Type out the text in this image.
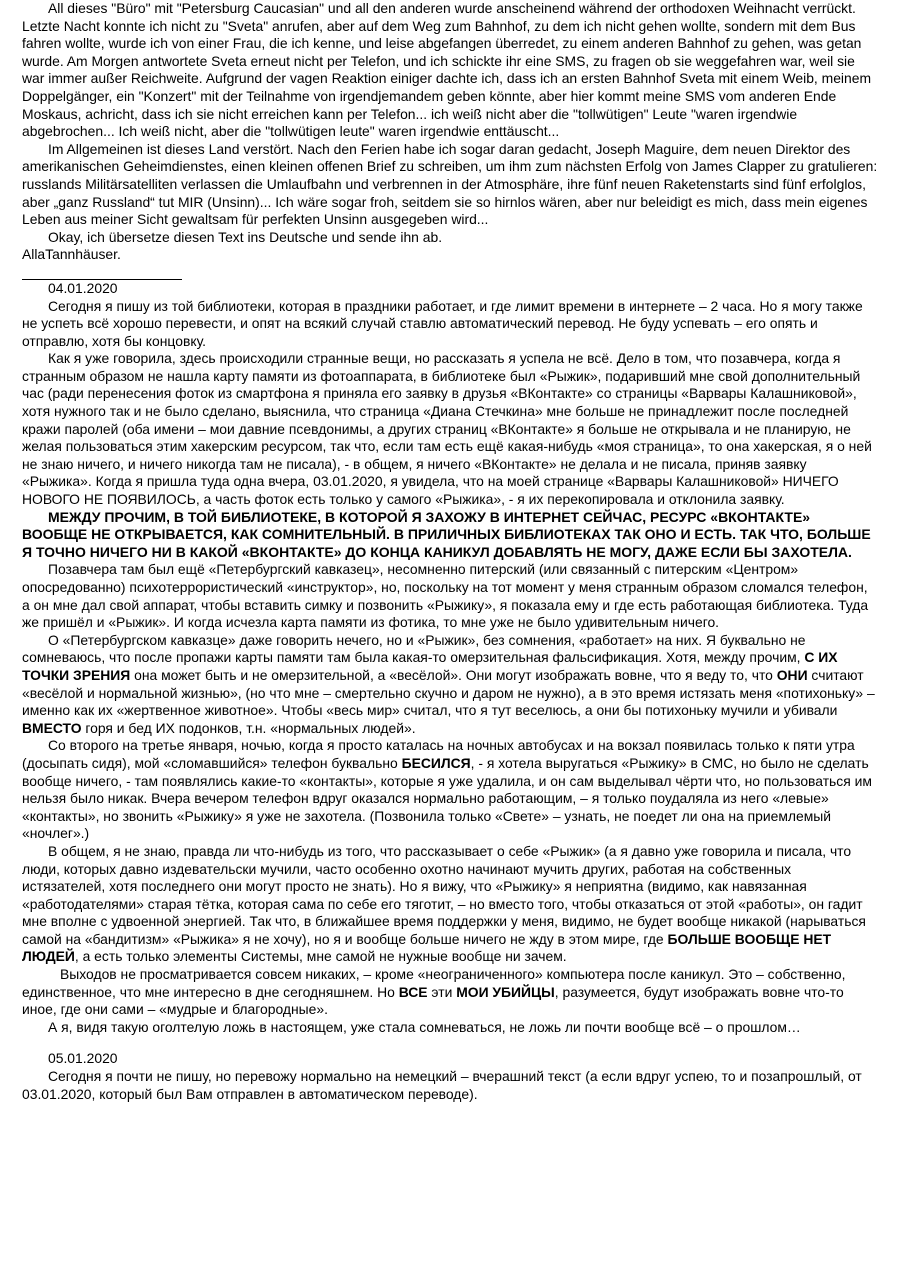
All dieses "Büro" mit "Petersburg Caucasian" und all den anderen wurde anscheinend während der orthodoxen Weihnacht verrückt. Letzte Nacht konnte ich nicht zu "Sveta" anrufen, aber auf dem Weg zum Bahnhof, zu dem ich nicht gehen wollte, sondern mit dem Bus fahren wollte, wurde ich von einer Frau, die ich kenne, und leise abgefangen überredet, zu einem anderen Bahnhof zu gehen, was getan wurde. Am Morgen antwortete Sveta erneut nicht per Telefon, und ich schickte ihr eine SMS, zu fragen ob sie weggefahren war, weil sie war immer außer Reichweite. Aufgrund der vagen Reaktion einiger dachte ich, dass ich an ersten Bahnhof Sveta mit einem Weib, meinem Doppelgänger, ein "Konzert" mit der Teilnahme von irgendjemandem geben könnte, aber hier kommt meine SMS vom anderen Ende Moskaus, achricht, dass ich sie nicht erreichen kann per Telefon... ich weiß nicht aber die "tollwütigen" Leute "waren irgendwie abgebrochen... Ich weiß nicht, aber die "tollwütigen leute" waren irgendwie enttäuscht...

Im Allgemeinen ist dieses Land verstört. Nach den Ferien habe ich sogar daran gedacht, Joseph Maguire, dem neuen Direktor des amerikanischen Geheimdienstes, einen kleinen offenen Brief zu schreiben, um ihm zum nächsten Erfolg von James Clapper zu gratulieren: russlands Militärsatelliten verlassen die Umlaufbahn und verbrennen in der Atmosphäre, ihre fünf neuen Raketenstarts sind fünf erfolglos, aber „ganz Russland“ tut MIR (Unsinn)... Ich wäre sogar froh, seitdem sie so hirnlos wären, aber nur beleidigt es mich, dass mein eigenes Leben aus meiner Sicht gewaltsam für perfekten Unsinn ausgegeben wird...

Okay, ich übersetze diesen Text ins Deutsche und sende ihn ab.

AllaTannhäuser.

04.01.2020

Сегодня я пишу из той библиотеки, которая в праздники работает, и где лимит времени в интернете – 2 часа. Но я могу также не успеть всё хорошо перевести, и опят на всякий случай ставлю автоматический перевод. Не буду успевать – его опять и отправлю, хотя бы концовку.

Как я уже говорила, здесь происходили странные вещи, но рассказать я успела не всё. Дело в том, что позавчера, когда я странным образом не нашла карту памяти из фотоаппарата, в библиотеке был «Рыжик», подаривший мне свой дополнительный час (ради перенесения фоток из смартфона я приняла его заявку в друзья «ВКонтакте» со страницы «Варвары Калашниковой», хотя нужного так и не было сделано, выяснила, что страница «Диана Стечкина» мне больше не принадлежит после последней кражи паролей (оба имени – мои давние псевдонимы, а других страниц «ВКонтакте» я больше не открывала и не планирую, не желая пользоваться этим хакерским ресурсом, так что, если там есть ещё какая-нибудь «моя страница», то она хакерская, я о ней не знаю ничего, и ничего никогда там не писала), - в общем, я ничего «ВКонтакте» не делала и не писала, приняв заявку «Рыжика». Когда я пришла туда одна вчера, 03.01.2020, я увидела, что на моей странице «Варвары Калашниковой» НИЧЕГО НОВОГО НЕ ПОЯВИЛОСЬ, а часть фоток есть только у самого «Рыжика», - я их перекопировала и отклонила заявку.

МЕЖДУ ПРОЧИМ, В ТОЙ БИБЛИОТЕКЕ, В КОТОРОЙ Я ЗАХОЖУ В ИНТЕРНЕТ СЕЙЧАС, РЕСУРС «ВКОНТАКТЕ» ВООБЩЕ НЕ ОТКРЫВАЕТСЯ, КАК СОМНИТЕЛЬНЫЙ. В ПРИЛИЧНЫХ БИБЛИОТЕКАХ ТАК ОНО И ЕСТЬ. ТАК ЧТО, БОЛЬШЕ Я ТОЧНО НИЧЕГО НИ В КАКОЙ «ВКОНТАКТЕ» ДО КОНЦА КАНИКУЛ ДОБАВЛЯТЬ НЕ МОГУ, ДАЖЕ ЕСЛИ БЫ ЗАХОТЕЛА.

Позавчера там был ещё «Петербургский кавказец», несомненно питерский (или связанный с питерским «Центром» опосредованно) психотеррористический «инструктор», но, поскольку на тот момент у меня странным образом сломался телефон, а он мне дал свой аппарат, чтобы вставить симку и позвонить «Рыжику», я показала ему и где есть работающая библиотека. Туда же пришёл и «Рыжик». И когда исчезла карта памяти из фотика, то мне уже не было удивительным ничего.

О «Петербургском кавказце» даже говорить нечего, но и «Рыжик», без сомнения, «работает» на них. Я буквально не сомневаюсь, что после пропажи карты памяти там была какая-то омерзительная фальсификация. Хотя, между прочим, С ИХ ТОЧКИ ЗРЕНИЯ она может быть и не омерзительной, а «весёлой». Они могут изображать вовне, что я веду то, что ОНИ считают «весёлой и нормальной жизнью», (но что мне – смертельно скучно и даром не нужно), а в это время истязать меня «потихоньку» – именно как их «жертвенное животное». Чтобы «весь мир» считал, что я тут веселюсь, а они бы потихоньку мучили и убивали ВМЕСТО горя и бед ИХ подонков, т.н. «нормальных людей».

Со второго на третье января, ночью, когда я просто каталась на ночных автобусах и на вокзал появилась только к пяти утра (досыпать сидя), мой «сломавшийся» телефон буквально БЕСИЛСЯ, - я хотела выругаться «Рыжику» в СМС, но было не сделать вообще ничего, - там появлялись какие-то «контакты», которые я уже удалила, и он сам выделывал чёрти что, но пользоваться им нельзя было никак. Вчера вечером телефон вдруг оказался нормально работающим, – я только поудаляла из него «левые» «контакты», но звонить «Рыжику» я уже не захотела. (Позвонила только «Свете» – узнать, не поедет ли она на приемлемый «ночлег».)

В общем, я не знаю, правда ли что-нибудь из того, что рассказывает о себе «Рыжик» (а я давно уже говорила и писала, что люди, которых давно издевательски мучили, часто особенно охотно начинают мучить других, работая на собственных истязателей, хотя последнего они могут просто не знать). Но я вижу, что «Рыжику» я неприятна (видимо, как навязанная «работодателями» старая тётка, которая сама по себе его тяготит, – но вместо того, чтобы отказаться от этой «работы», он гадит мне вполне с удвоенной энергией. Так что, в ближайшее время поддержки у меня, видимо, не будет вообще никакой (нарываться самой на «бандитизм» «Рыжика» я не хочу), но я и вообще больше ничего не жду в этом мире, где БОЛЬШЕ ВООБЩЕ НЕТ ЛЮДЕЙ, а есть только элементы Системы, мне самой не нужные вообще ни зачем.

Выходов не просматривается совсем никаких, – кроме «неограниченного» компьютера после каникул. Это – собственно, единственное, что мне интересно в дне сегодняшнем. Но ВСЕ эти МОИ УБИЙЦЫ, разумеется, будут изображать вовне что-то иное, где они сами – «мудрые и благородные».

А я, видя такую оголтелую ложь в настоящем, уже стала сомневаться, не ложь ли почти вообще всё – о прошлом…

05.01.2020

Сегодня я почти не пишу, но перевожу нормально на немецкий – вчерашний текст (а если вдруг успею, то и позапрошлый, от 03.01.2020, который был Вам отправлен в автоматическом переводе).
